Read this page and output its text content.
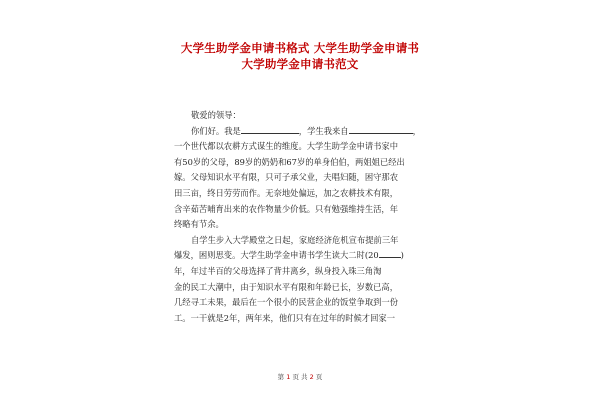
大学生助学金申请书格式 大学生助学金申请书
大学助学金申请书范文
敬爱的领导：
你们好。我是	，学生我来自	，
一个世代都以农耕方式谋生的维度。大学生助学金申请书家中
有50岁的父母，89岁的奶奶和67岁的单身伯伯，两姐姐已经出
嫁。父母知识水平有限，只可子承父业，夫唱妇随，困守那农
田三亩，终日劳劳而作。无奈地处偏远，加之农耕技术有限，
含辛茹苦哺育出来的农作物量少价低。只有勉强维持生活，年
终略有节余。
自学生步入大学殿堂之日起，家庭经济危机宣布提前三年
爆发，困则思变。大学生助学金申请书学生读大二时(20	)
年，年过半百的父母选择了背井离乡，纵身投入珠三角淘
金的民工大潮中，由于知识水平有限和年龄已长，岁数已高，
几经寻工未果，最后在一个很小的民营企业的饭堂争取到一份
工。一干就是2年，两年来，他们只有在过年的时候才回家一
第 1 页 共 2 页
